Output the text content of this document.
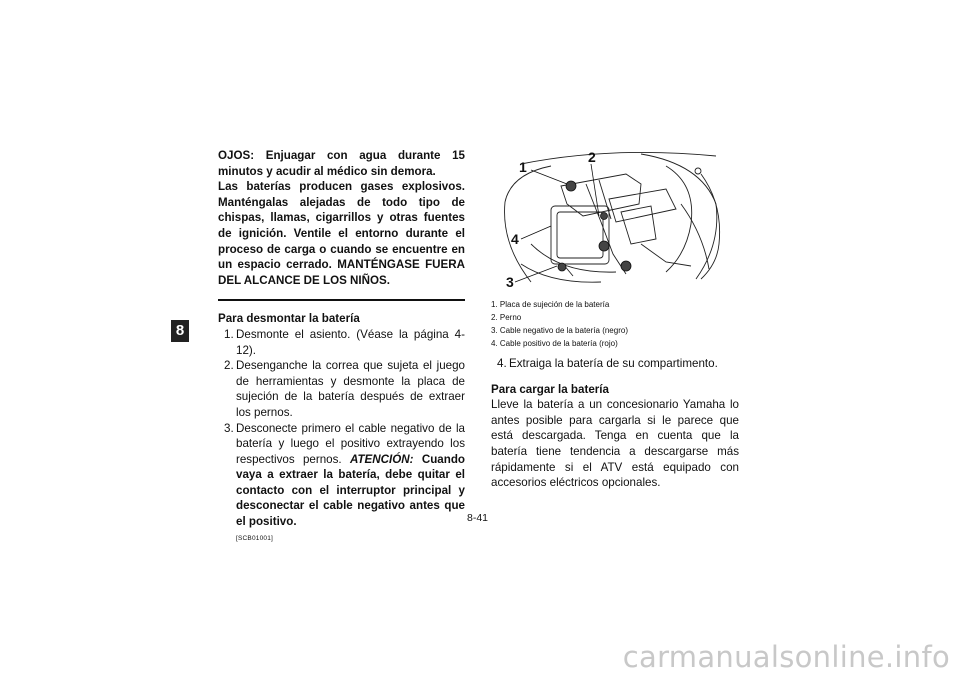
8

OJOS: Enjuagar con agua durante 15 minutos y acudir al médico sin demora.

Las baterías producen gases explosivos. Manténgalas alejadas de todo tipo de chispas, llamas, cigarrillos y otras fuentes de ignición. Ventile el entorno durante el proceso de carga o cuando se encuentre en un espacio cerrado. MANTÉNGASE FUERA DEL ALCANCE DE LOS NIÑOS.

Para desmontar la batería

1. Desmonte el asiento. (Véase la página 4-12).
2. Desenganche la correa que sujeta el juego de herramientas y desmonte la placa de sujeción de la batería después de extraer los pernos.
3. Desconecte primero el cable negativo de la batería y luego el positivo extrayendo los respectivos pernos. ATENCIÓN: Cuando vaya a extraer la batería, debe quitar el contacto con el interruptor principal y desconectar el cable negativo antes que el positivo.
[SCB01001]
1
2
3
4
1. Placa de sujeción de la batería
2. Perno
3. Cable negativo de la batería (negro)
4. Cable positivo de la batería (rojo)
4. Extraiga la batería de su compartimento.

Para cargar la batería

Lleve la batería a un concesionario Yamaha lo antes posible para cargarla si le parece que está descargada. Tenga en cuenta que la batería tiene tendencia a descargarse más rápidamente si el ATV está equipado con accesorios eléctricos opcionales.

8-41
carmanualsonline.info
